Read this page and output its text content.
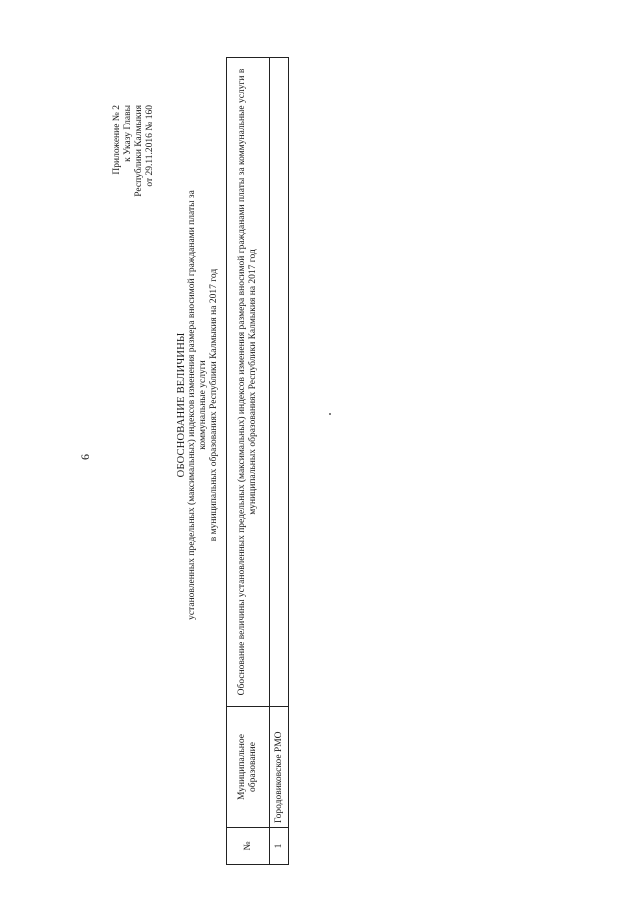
6
Приложение № 2 к Указу Главы Республики Калмыкия от 29.11.2016 № 160
ОБОСНОВАНИЕ ВЕЛИЧИНЫ установленных предельных (максимальных) индексов изменения размера вносимой гражданами платы за коммунальные услуги в муниципальных образованиях Республики Калмыкия на 2017 год
№	Муниципальное образование	Обоснование величины установленных предельных (максимальных) индексов изменения размера вносимой гражданами платы за коммунальные услуги в муниципальных образованиях Республики Калмыкия на 2017 год
1	Городовиковское РМО	
